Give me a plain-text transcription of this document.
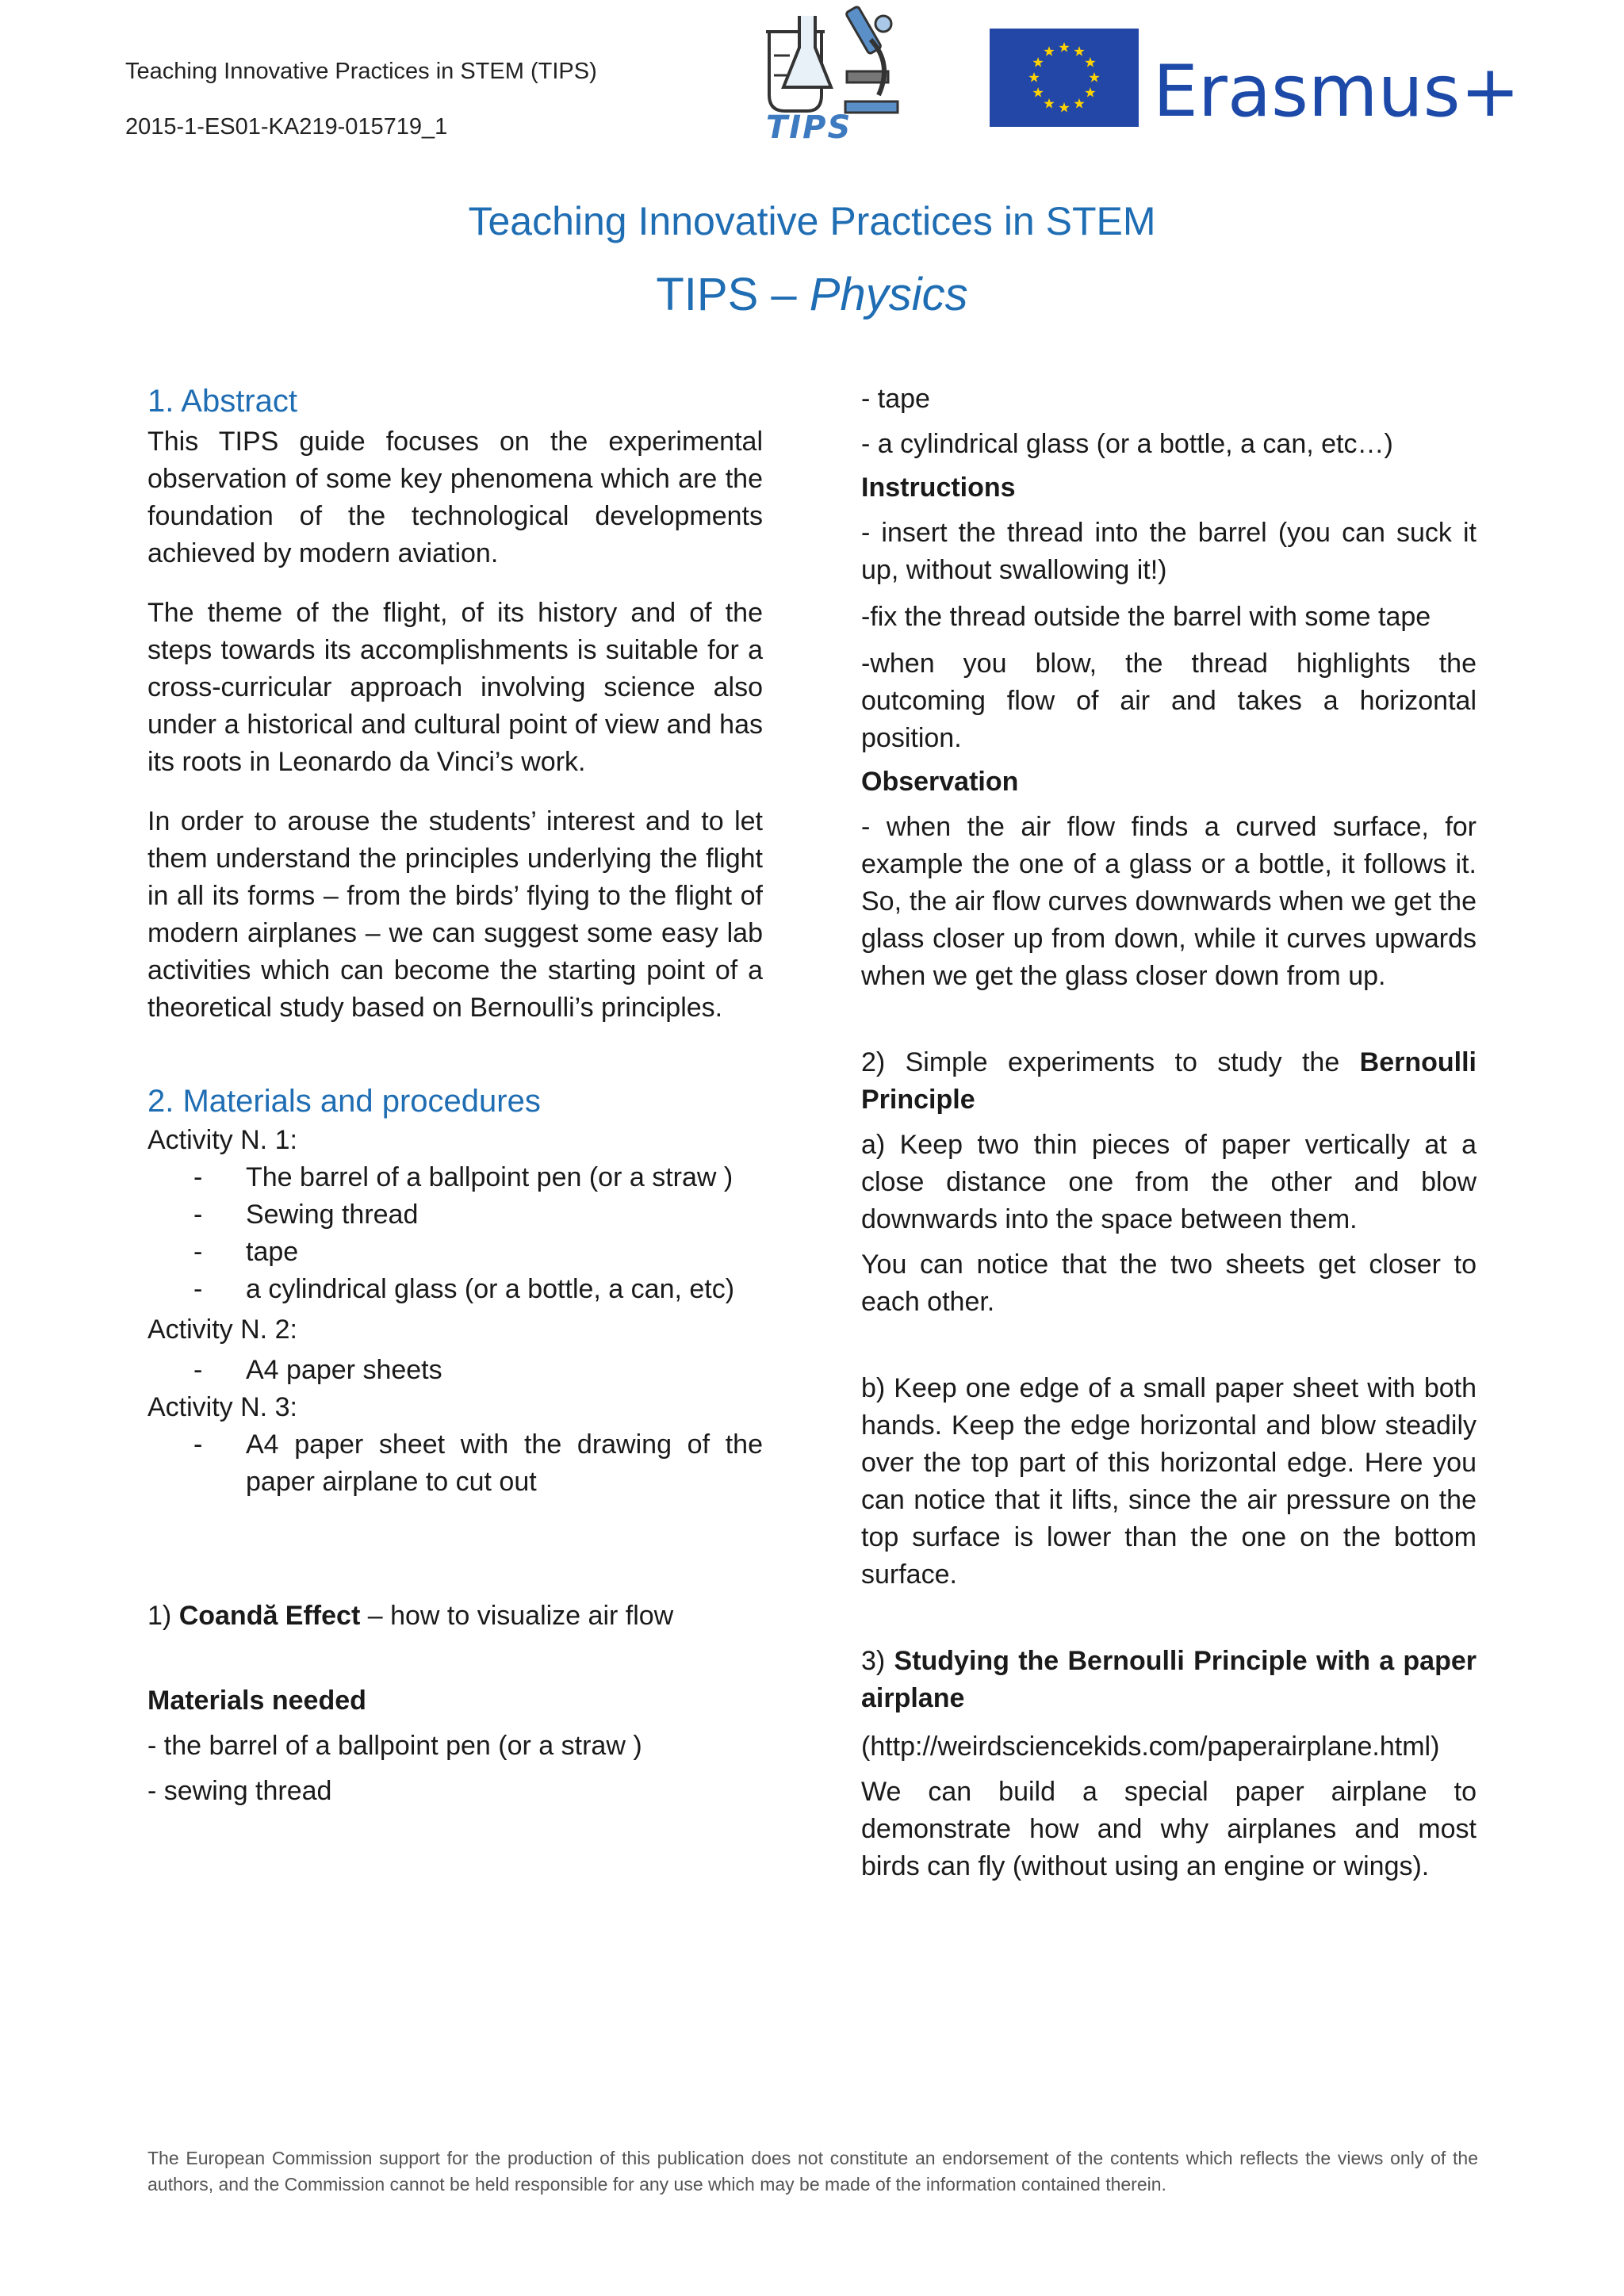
Teaching Innovative Practices in STEM (TIPS)
2015-1-ES01-KA219-015719_1	TIPS	Erasmus+
Teaching Innovative Practices in STEM
TIPS – Physics
1. Abstract

This TIPS guide focuses on the experimental observation of some key phenomena which are the foundation of the technological developments achieved by modern aviation.

The theme of the flight, of its history and of the steps towards its accomplishments is suitable for a cross-curricular approach involving science also under a historical and cultural point of view and has its roots in Leonardo da Vinci’s work.

In order to arouse the students’ interest and to let them understand the principles underlying the flight in all its forms – from the birds’ flying to the flight of modern airplanes – we can suggest some easy lab activities which can become the starting point of a theoretical study based on Bernoulli’s principles.

2. Materials and procedures

Activity N. 1:

- The barrel of a ballpoint pen (or a straw )
- Sewing thread
- tape
- a cylindrical glass (or a bottle, a can, etc)

Activity N. 2:

- A4 paper sheets

Activity N. 3:

- A4 paper sheet with the drawing of the paper airplane to cut out

1) Coandă Effect – how to visualize air flow

Materials needed

- the barrel of a ballpoint pen (or a straw )

- sewing thread

- tape

- a cylindrical glass (or a bottle, a can, etc…)

Instructions

- insert the thread into the barrel (you can suck it up, without swallowing it!)

-fix the thread outside the barrel with some tape

-when you blow, the thread highlights the outcoming flow of air and takes a horizontal position.

Observation

- when the air flow finds a curved surface, for example the one of a glass or a bottle, it follows it. So, the air flow curves downwards when we get the glass closer up from down, while it curves upwards when we get the glass closer down from up.

2) Simple experiments to study the Bernoulli Principle

a) Keep two thin pieces of paper vertically at a close distance one from the other and blow downwards into the space between them.

You can notice that the two sheets get closer to each other.

b) Keep one edge of a small paper sheet with both hands. Keep the edge horizontal and blow steadily over the top part of this horizontal edge. Here you can notice that it lifts, since the air pressure on the top surface is lower than the one on the bottom surface.

3) Studying the Bernoulli Principle with a paper airplane

(http://weirdsciencekids.com/paperairplane.html)

We can build a special paper airplane to demonstrate how and why airplanes and most birds can fly (without using an engine or wings).

The European Commission support for the production of this publication does not constitute an endorsement of the contents which reflects the views only of the authors, and the Commission cannot be held responsible for any use which may be made of the information contained therein.
